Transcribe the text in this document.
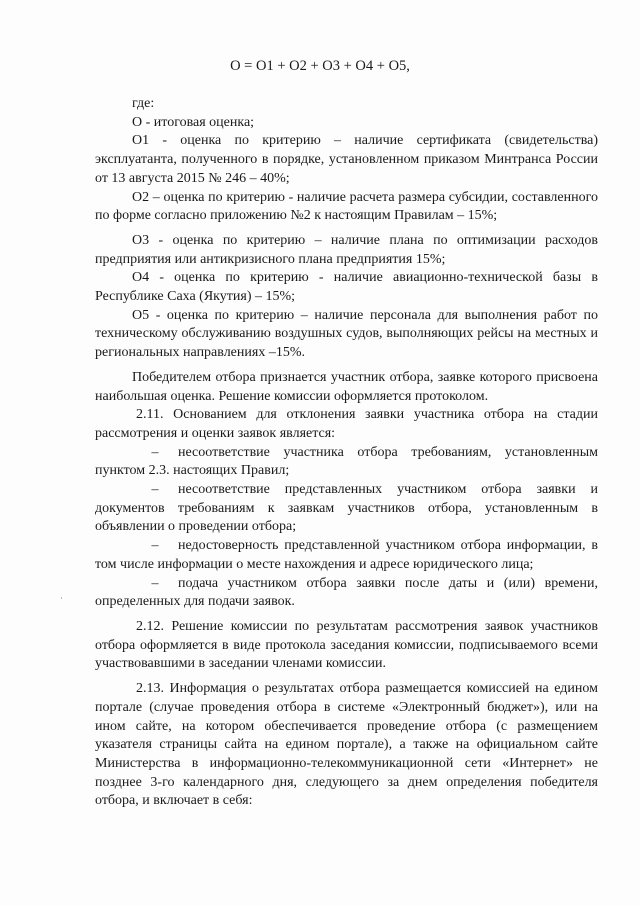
О = О1 + О2 + О3 + О4 + О5,

где:

О - итоговая оценка;

О1 - оценка по критерию – наличие сертификата (свидетельства) эксплуатанта, полученного в порядке, установленном приказом Минтранса России от 13 августа 2015 № 246 – 40%;

О2 – оценка по критерию - наличие расчета размера субсидии, составленного по форме согласно приложению №2 к настоящим Правилам – 15%;

О3 - оценка по критерию – наличие плана по оптимизации расходов предприятия или антикризисного плана предприятия 15%;

О4 - оценка по критерию - наличие авиационно-технической базы в Республике Саха (Якутия) – 15%;

О5 - оценка по критерию – наличие персонала для выполнения работ по техническому обслуживанию воздушных судов, выполняющих рейсы на местных и региональных направлениях –15%.

Победителем отбора признается участник отбора, заявке которого присвоена наибольшая оценка. Решение комиссии оформляется протоколом.

2.11. Основанием для отклонения заявки участника отбора на стадии рассмотрения и оценки заявок является:

– несоответствие участника отбора требованиям, установленным пунктом 2.3. настоящих Правил;

– несоответствие представленных участником отбора заявки и документов требованиям к заявкам участников отбора, установленным в объявлении о проведении отбора;

– недостоверность представленной участником отбора информации, в том числе информации о месте нахождения и адресе юридического лица;

– подача участником отбора заявки после даты и (или) времени, определенных для подачи заявок.

2.12. Решение комиссии по результатам рассмотрения заявок участников отбора оформляется в виде протокола заседания комиссии, подписываемого всеми участвовавшими в заседании членами комиссии.

2.13. Информация о результатах отбора размещается комиссией на едином портале (случае проведения отбора в системе «Электронный бюджет»), или на ином сайте, на котором обеспечивается проведение отбора (с размещением указателя страницы сайта на едином портале), а также на официальном сайте Министерства в информационно-телекоммуникационной сети «Интернет» не позднее 3-го календарного дня, следующего за днем определения победителя отбора, и включает в себя:
